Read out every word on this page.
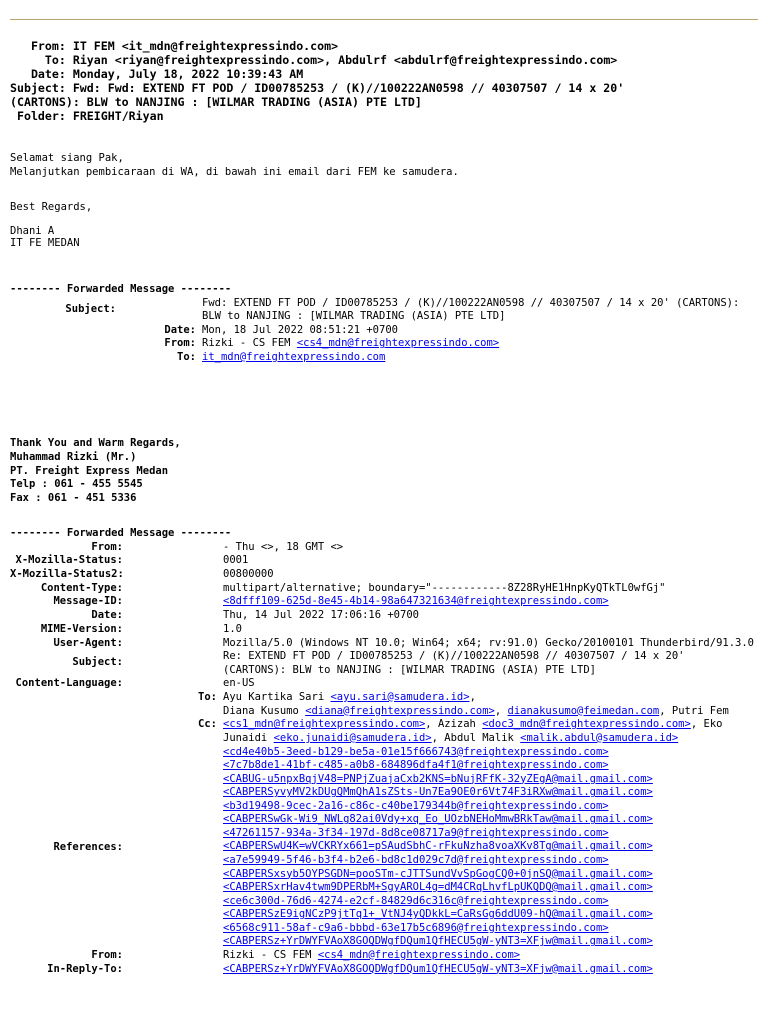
From: IT FEM <it_mdn@freightexpressindo.com>
To: Riyan <riyan@freightexpressindo.com>, Abdulrf <abdulrf@freightexpressindo.com>
Date: Monday, July 18, 2022 10:39:43 AM
Subject: Fwd: Fwd: EXTEND FT POD / ID00785253 / (K)//100222AN0598 // 40307507 / 14 x 20'
(CARTONS): BLW to NANJING : [WILMAR TRADING (ASIA) PTE LTD]
Folder: FREIGHT/Riyan

Selamat siang Pak,
Melanjutkan pembicaraan di WA, di bawah ini email dari FEM ke samudera.
Best Regards,
Dhani A
IT FE MEDAN
-------- Forwarded Message --------
Subject:	Fwd: EXTEND FT POD / ID00785253 / (K)//100222AN0598 // 40307507 / 14 x 20' (CARTONS):
BLW to NANJING : [WILMAR TRADING (ASIA) PTE LTD]
Date: Mon, 18 Jul 2022 08:51:21 +0700
From: Rizki - CS FEM
<cs4_mdn@freightexpressindo.com>
To: it_mdn@freightexpressindo.com
Thank You and Warm Regards,
Muhammad Rizki (Mr.)
PT. Freight Express Medan
Telp : 061 - 455 5545
Fax : 061 - 451 5336
-------- Forwarded Message --------
From:	- Thu <>, 18 GMT <>
X-Mozilla-Status:	0001
X-Mozilla-Status2:	00800000
Content-Type:	multipart/alternative; boundary="------------8Z28RyHE1HnpKyQTkTL0wfGj"
Message-ID:	<8dfff109-625d-8e45-4b14-98a647321634@freightexpressindo.com>
Date:	Thu, 14 Jul 2022 17:06:16 +0700
MIME-Version:	1.0
User-Agent:	Mozilla/5.0 (Windows NT 10.0; Win64; x64; rv:91.0) Gecko/20100101 Thunderbird/91.3.0
Subject:	Re: EXTEND FT POD / ID00785253 / (K)//100222AN0598 // 40307507 / 14 x 20'
(CARTONS): BLW to NANJING : [WILMAR TRADING (ASIA) PTE LTD]
Content-Language:	en-US
To: Ayu Kartika Sari <ayu.sari@samudera.id>,
Diana Kusumo <diana@freightexpressindo.com>, dianakusumo@feimedan.com, Putri Fem
Cc: <cs1_mdn@freightexpressindo.com>, Azizah <doc3_mdn@freightexpressindo.com>, Eko
Junaidi <eko.junaidi@samudera.id>, Abdul Malik <malik.abdul@samudera.id>
References:
<cd4e40b5-3eed-b129-be5a-01e15f666743@freightexpressindo.com>
<7c7b8de1-41bf-c485-a0b8-684896dfa4f1@freightexpressindo.com>
<CABUG-u5npxBqjV48=PNPjZuajaCxb2KNS=bNujRFfK-32yZEgA@mail.gmail.com>
<CABPERSyvyMV2kDUgQMmQhA1sZSts-Un7Ea9OE0r6Vt74F3iRXw@mail.gmail.com>
<b3d19498-9cec-2a16-c86c-c40be179344b@freightexpressindo.com>
<CABPERSwGk-Wi9_NWLg82ai0Vdy+xq_Eo_UOzbNEHoMmwBRkTaw@mail.gmail.com>
<47261157-934a-3f34-197d-8d8ce08717a9@freightexpressindo.com>
<CABPERSwU4K=wVCKRYx661=pSAudSbhC-rFkuNzha8voaXKv8Tg@mail.gmail.com>
<a7e59949-5f46-b3f4-b2e6-bd8c1d029c7d@freightexpressindo.com>
<CABPERSxsyb5OYPSGDN=pooSTm-cJTTSundVvSpGogCQ0+0jnSQ@mail.gmail.com>
<CABPERSxrHav4twm9DPERbM+SgyAROL4g=dM4CRqLhvfLpUKQDQ@mail.gmail.com>
<ce6c300d-76d6-4274-e2cf-84829d6c316c@freightexpressindo.com>
<CABPERSzE9igNCzP9jtTq1+_VtNJ4yQDkkL=CaRsGg6ddU09-hQ@mail.gmail.com>
<6568c911-58af-c9a6-bbbd-63e17b5c6896@freightexpressindo.com>
<CABPERSz+YrDWYFVAoX8GOQDWgfDQum1QfHECU5gW-yNT3=XFjw@mail.gmail.com>
From:	Rizki - CS FEM <cs4_mdn@freightexpressindo.com>
In-Reply-To:	<CABPERSz+YrDWYFVAoX8GOQDWgfDQum1QfHECU5gW-yNT3=XFjw@mail.gmail.com>
